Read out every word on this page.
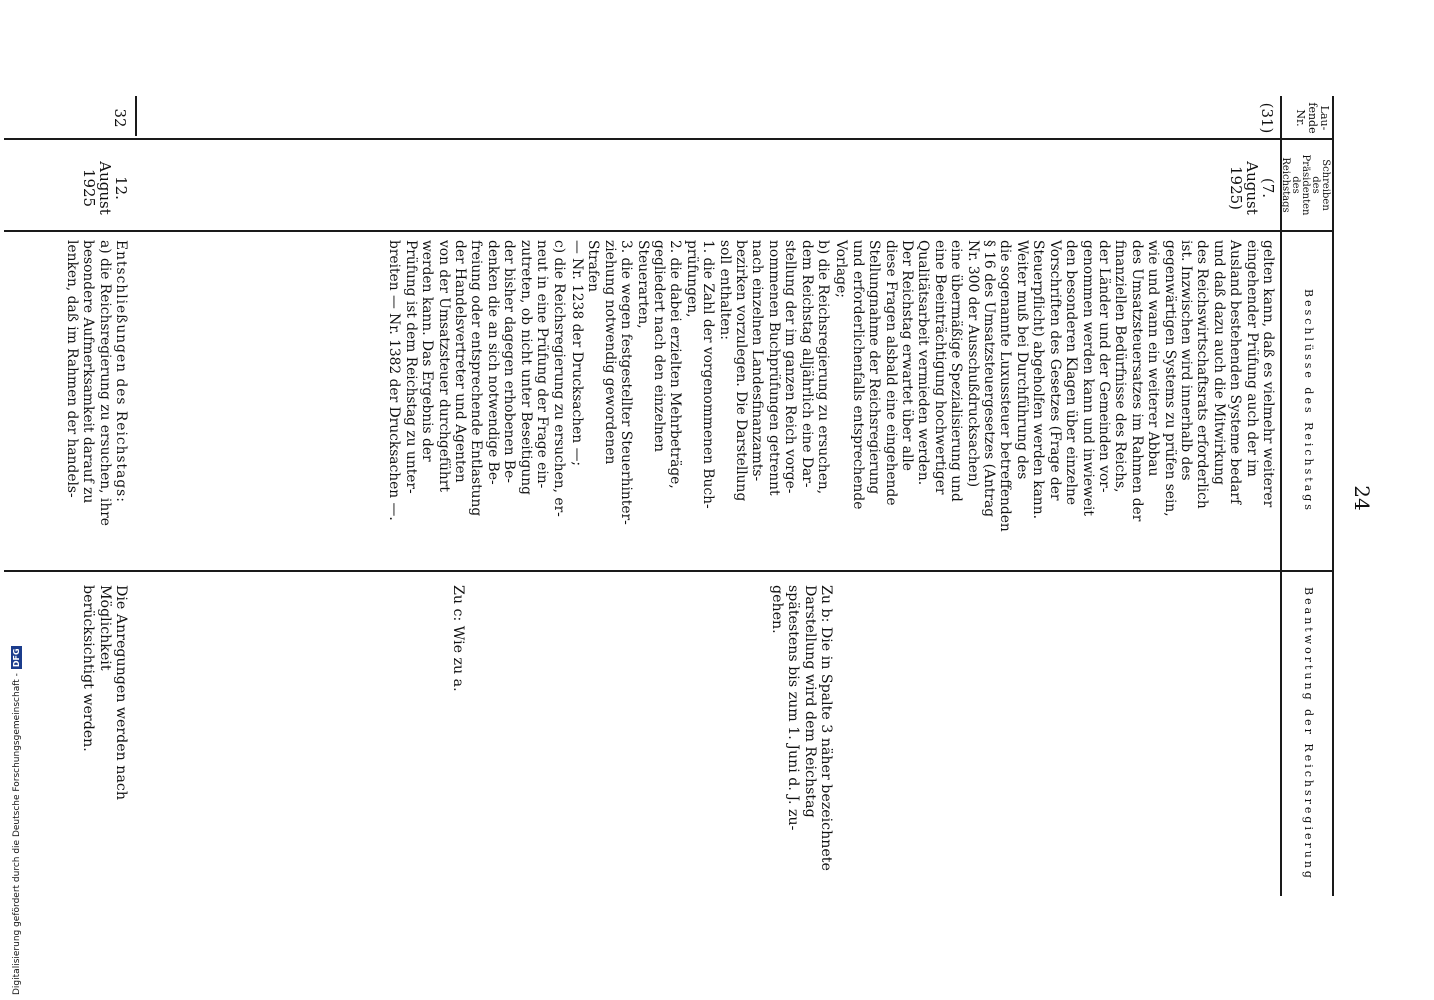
24
Lau-
fende
Nr.
Schreiben
des
Präsidenten
des
Reichstags
Beschlüsse des Reichstags
Beantwortung der Reichsregierung
(31)
(7. August
1925)

gelten kann, daß es vielmehr weiterer
eingehender Prüfung auch der im
Ausland bestehenden Systeme bedarf
und daß dazu auch die Mitwirkung
des Reichswirtschaftsrats erforderlich
ist. Inzwischen wird innerhalb des
gegenwärtigen Systems zu prüfen sein,
wie und wann ein weiterer Abbau
des Umsatzsteuersatzes im Rahmen der
finanziellen Bedürfnisse des Reichs,
der Länder und der Gemeinden vor-
genommen werden kann und inwieweit
den besonderen Klagen über einzelne
Vorschriften des Gesetzes (Frage der
Steuerpflicht) abgeholfen werden kann.
Weiter muß bei Durchführung des
die sogenannte Luxussteuer betreffenden
§ 16 des Umsatzsteuergesetzes (Antrag
Nr. 300 der Ausschußdrucksachen)
eine übermäßige Spezialisierung und
eine Beeinträchtigung hochwertiger
Qualitätsarbeit vermieden werden.
Der Reichstag erwartet über alle
diese Fragen alsbald eine eingehende
Stellungnahme der Reichsregierung
und erforderlichenfalls entsprechende
Vorlage;

b) die Reichsregierung zu ersuchen,
dem Reichstag alljährlich eine Dar-
stellung der im ganzen Reich vorge-
nommenen Buchprüfungen getrennt
nach einzelnen Landesfinanzamts-
bezirken vorzulegen. Die Darstellung
soll enthalten:
1. die Zahl der vorgenommenen Buch-
prüfungen,
2. die dabei erzielten Mehrbeträge,
gegliedert nach den einzelnen
Steuerarten,
3. die wegen festgestellter Steuerhinter-
ziehung notwendig gewordenen
Strafen
— Nr. 1238 der Drucksachen —;

c) die Reichsregierung zu ersuchen, er-
neut in eine Prüfung der Frage ein-
zutreten, ob nicht unter Beseitigung
der bisher dagegen erhobenen Be-
denken die an sich notwendige Be-
freiung oder entsprechende Entlastung
der Handelsvertreter und Agenten
von der Umsatzsteuer durchgeführt
werden kann. Das Ergebnis der
Prüfung ist dem Reichstag zu unter-
breiten — Nr. 1382 der Drucksachen —.

Zu b: Die in Spalte 3 näher bezeichnete
Darstellung wird dem Reichstag
spätestens bis zum 1. Juni d. J. zu-
gehen.

Zu c: Wie zu a.

32
12. August
1925

Entschließungen des Reichstags:

a) die Reichsregierung zu ersuchen, ihre
besondere Aufmerksamkeit darauf zu
lenken, daß im Rahmen der handels-

Die Anregungen werden nach Möglichkeit
berücksichtigt werden.

Digitalisierung gefördert durch die Deutsche Forschungsgemeinschaft -DFG
